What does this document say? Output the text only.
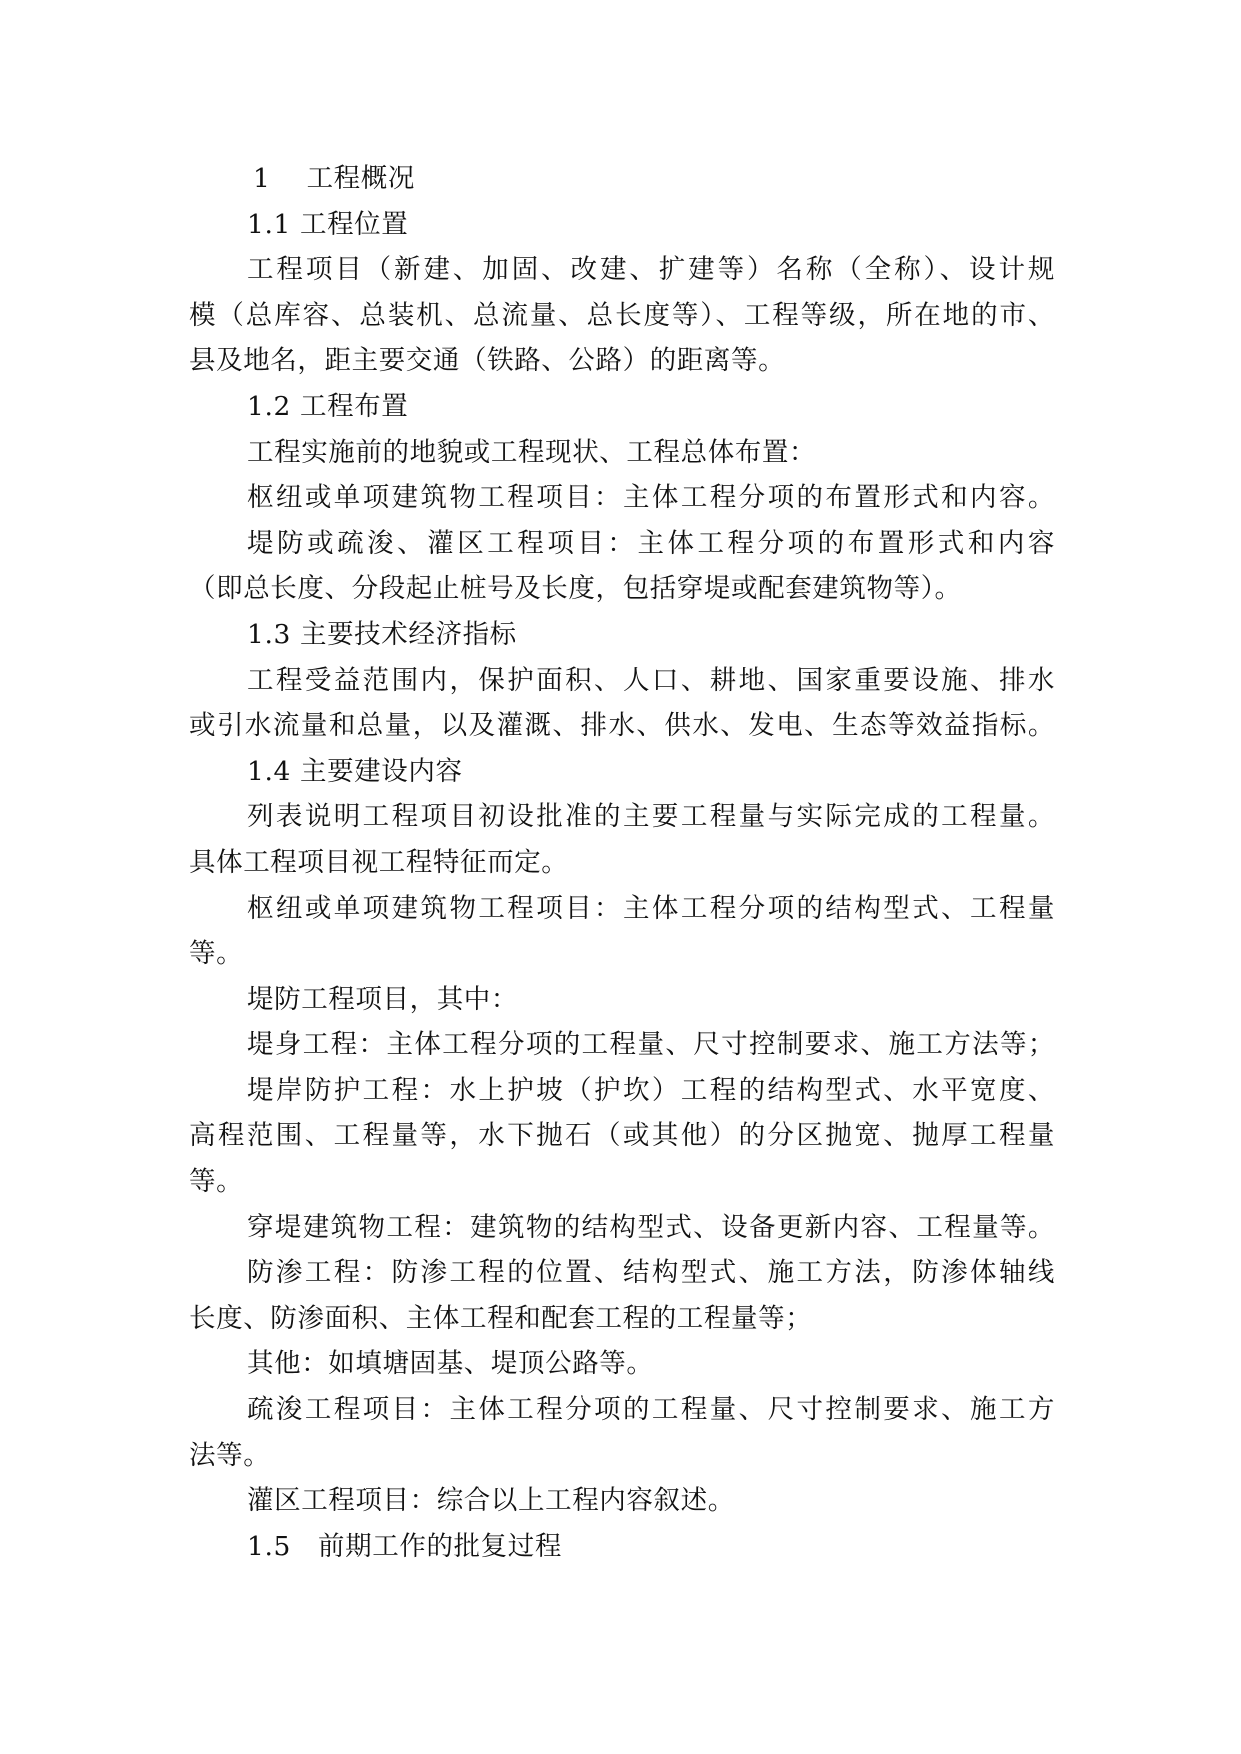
1　 工程概况
1.1 工程位置
工程项目（新建、加固、改建、扩建等）名称（全称）、设计规
模（总库容、总装机、总流量、总长度等）、工程等级，所在地的市、
县及地名，距主要交通（铁路、公路）的距离等。
1.2 工程布置
工程实施前的地貌或工程现状、工程总体布置：
枢纽或单项建筑物工程项目：主体工程分项的布置形式和内容。
堤防或疏浚、灌区工程项目：主体工程分项的布置形式和内容
（即总长度、分段起止桩号及长度，包括穿堤或配套建筑物等）。
1.3 主要技术经济指标
工程受益范围内，保护面积、人口、耕地、国家重要设施、排水
或引水流量和总量，以及灌溉、排水、供水、发电、生态等效益指标。
1.4 主要建设内容
列表说明工程项目初设批准的主要工程量与实际完成的工程量。
具体工程项目视工程特征而定。
枢纽或单项建筑物工程项目：主体工程分项的结构型式、工程量
等。
堤防工程项目，其中：
堤身工程：主体工程分项的工程量、尺寸控制要求、施工方法等；
堤岸防护工程：水上护坡（护坎）工程的结构型式、水平宽度、
高程范围、工程量等，水下抛石（或其他）的分区抛宽、抛厚工程量
等。
穿堤建筑物工程：建筑物的结构型式、设备更新内容、工程量等。
防渗工程：防渗工程的位置、结构型式、施工方法，防渗体轴线
长度、防渗面积、主体工程和配套工程的工程量等；
其他：如填塘固基、堤顶公路等。
疏浚工程项目：主体工程分项的工程量、尺寸控制要求、施工方
法等。
灌区工程项目：综合以上工程内容叙述。
1.5　前期工作的批复过程
